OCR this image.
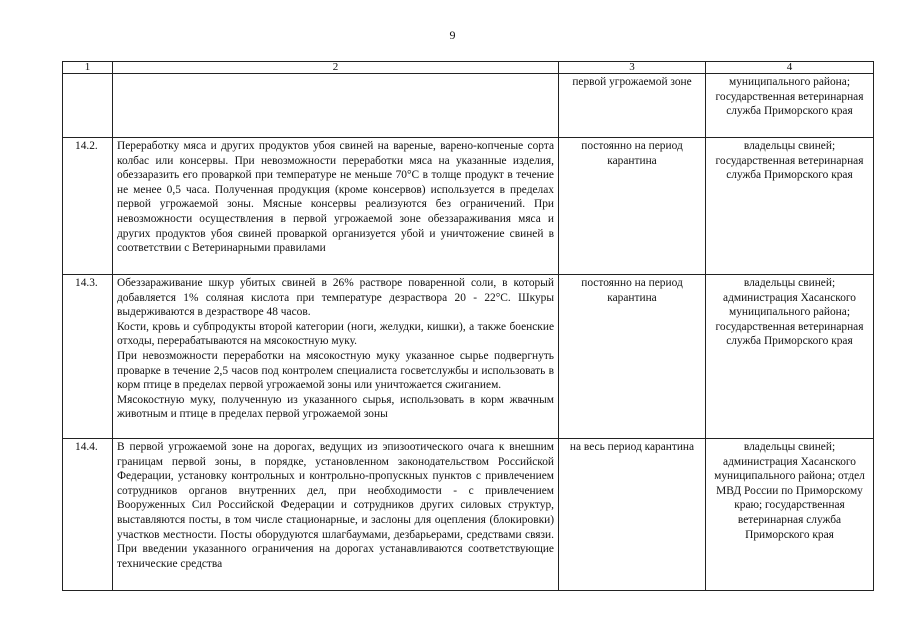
9
1	2	3	4
		первой угрожаемой зоне	муниципального района; государственная ветеринарная служба Приморского края
14.2.	Переработку мяса и других продуктов убоя свиней на вареные, варено-копченые сорта колбас или консервы. При невозможности переработки мяса на указанные изделия, обеззаразить его проваркой при температуре не меньше 70°С в толще продукт в течение не менее 0,5 часа. Полученная продукция (кроме консервов) используется в пределах первой угрожаемой зоны. Мясные консервы реализуются без ограничений. При невозможности осуществления в первой угрожаемой зоне обеззараживания мяса и других продуктов убоя свиней проваркой организуется убой и уничтожение свиней в соответствии с Ветеринарными правилами	постоянно на период карантина	владельцы свиней; государственная ветеринарная служба Приморского края
14.3.	Обеззараживание шкур убитых свиней в 26% растворе поваренной соли, в который добавляется 1% соляная кислота при температуре дезраствора 20 - 22°С. Шкуры выдерживаются в дезрастворе 48 часов.

Кости, кровь и субпродукты второй категории (ноги, желудки, кишки), а также боенские отходы, перерабатываются на мясокостную муку.

При невозможности переработки на мясокостную муку указанное сырье подвергнуть проварке в течение 2,5 часов под контролем специалиста госветслужбы и использовать в корм птице в пределах первой угрожаемой зоны или уничтожается сжиганием.

Мясокостную муку, полученную из указанного сырья, использовать в корм жвачным животным и птице в пределах первой угрожаемой зоны	постоянно на период карантина	владельцы свиней; администрация Хасанского муниципального района; государственная ветеринарная служба Приморского края
14.4.	В первой угрожаемой зоне на дорогах, ведущих из эпизоотического очага к внешним границам первой зоны, в порядке, установленном законодательством Российской Федерации, установку контрольных и контрольно-пропускных пунктов с привлечением сотрудников органов внутренних дел, при необходимости - с привлечением Вооруженных Сил Российской Федерации и сотрудников других силовых структур, выставляются посты, в том числе стационарные, и заслоны для оцепления (блокировки) участков местности. Посты оборудуются шлагбаумами, дезбарьерами, средствами связи. При введении указанного ограничения на дорогах устанавливаются соответствующие технические средства	на весь период карантина	владельцы свиней; администрация Хасанского муниципального района; отдел МВД России по Приморскому краю; государственная ветеринарная служба Приморского края
